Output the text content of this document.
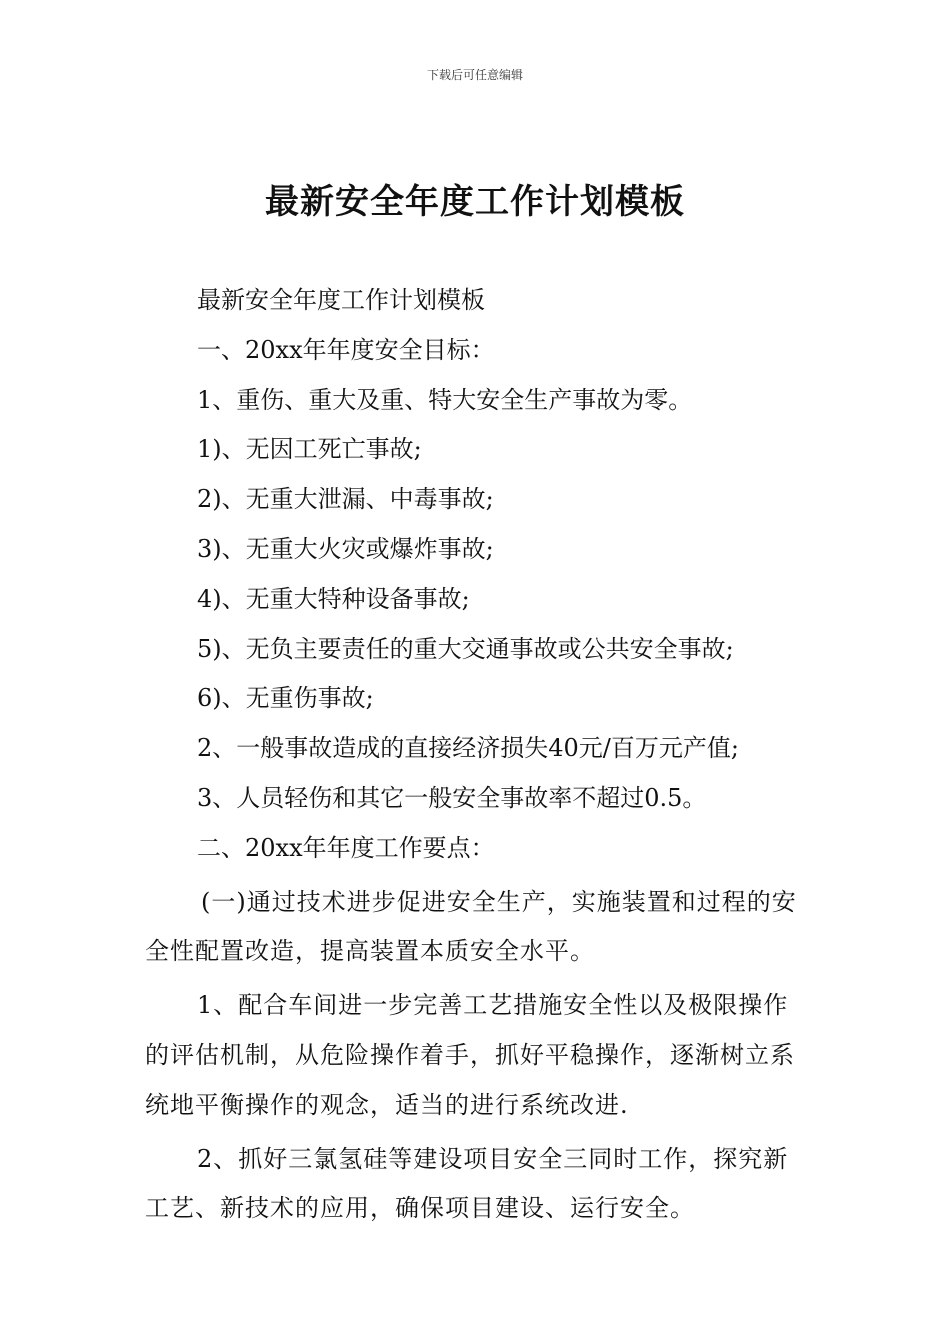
下载后可任意编辑
最新安全年度工作计划模板
最新安全年度工作计划模板
一、20xx年年度安全目标：
1、重伤、重大及重、特大安全生产事故为零。
1)、无因工死亡事故;
2)、无重大泄漏、中毒事故;
3)、无重大火灾或爆炸事故;
4)、无重大特种设备事故;
5)、无负主要责任的重大交通事故或公共安全事故;
6)、无重伤事故;
2、一般事故造成的直接经济损失40元/百万元产值;
3、人员轻伤和其它一般安全事故率不超过0.5。
二、20xx年年度工作要点：
(一)通过技术进步促进安全生产，实施装置和过程的安全性配置改造，提高装置本质安全水平。
1、配合车间进一步完善工艺措施安全性以及极限操作的评估机制，从危险操作着手，抓好平稳操作，逐渐树立系统地平衡操作的观念，适当的进行系统改进.
2、抓好三氯氢硅等建设项目安全三同时工作，探究新工艺、新技术的应用，确保项目建设、运行安全。
